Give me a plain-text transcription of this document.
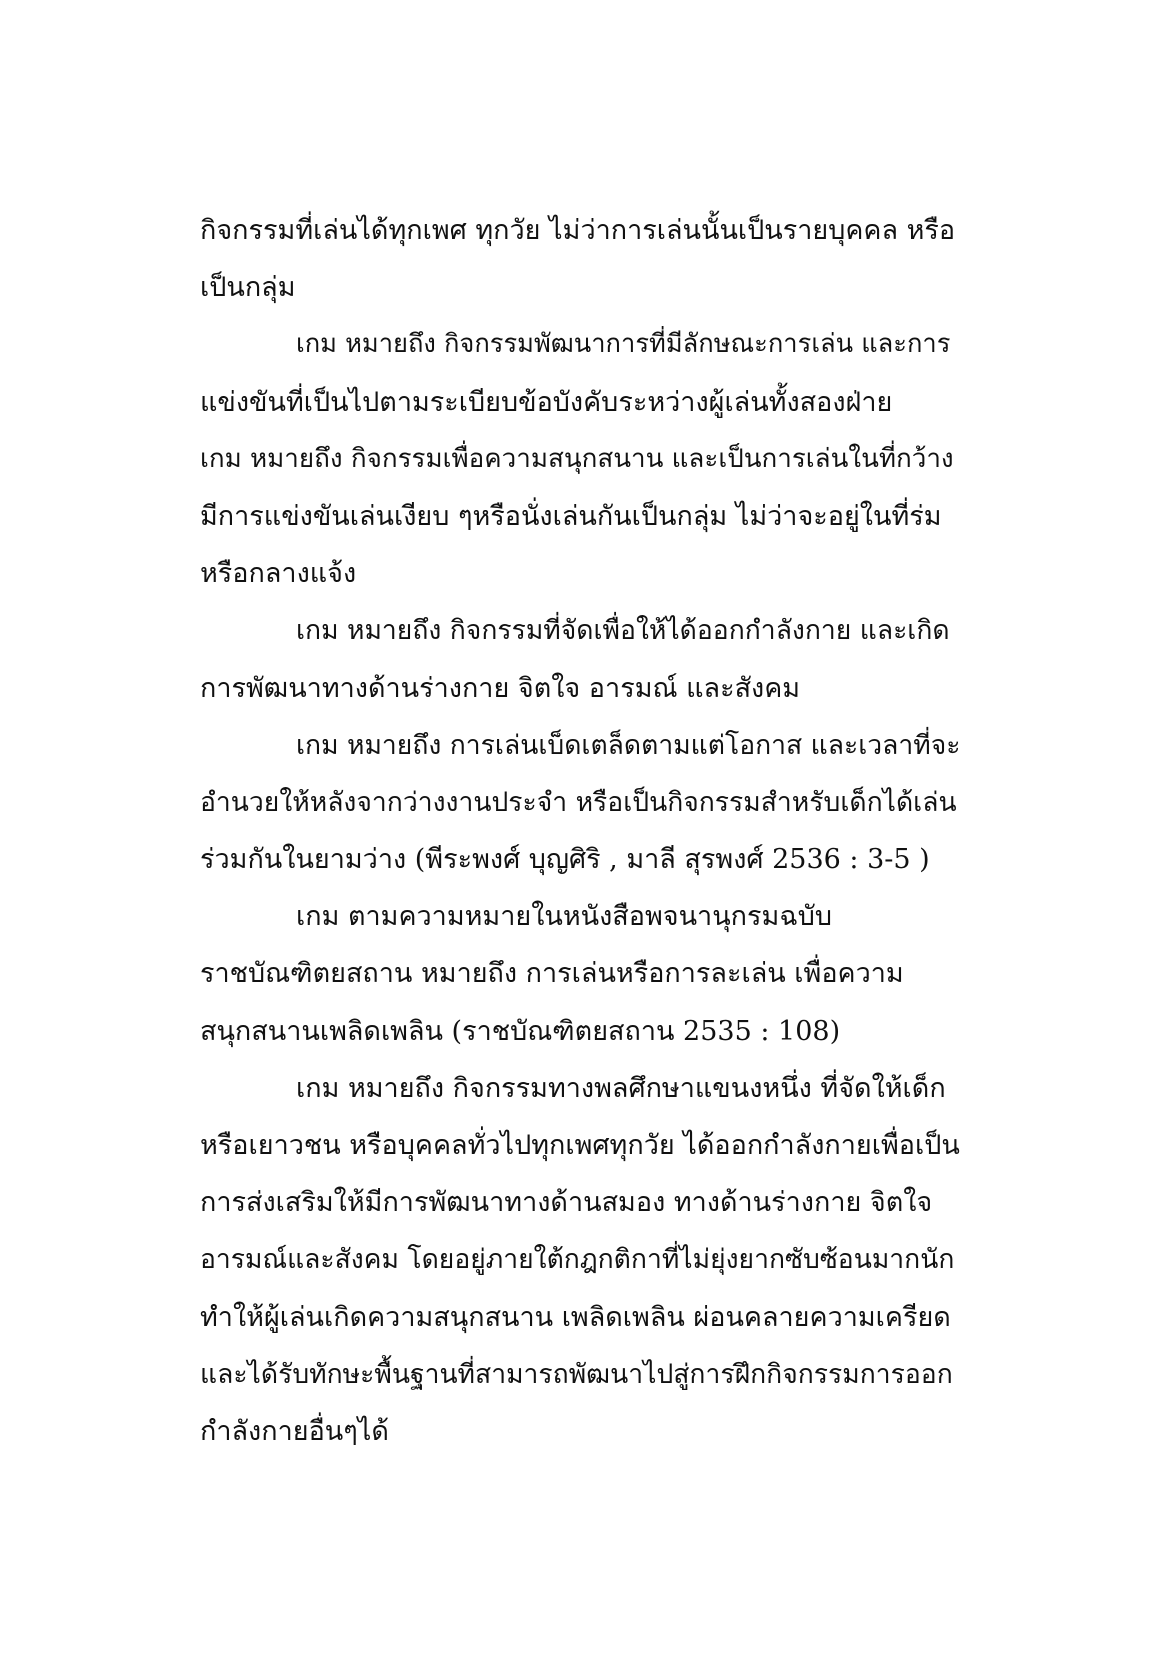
กิจกรรมที่เล่นได้ทุกเพศ ทุกวัย ไม่ว่าการเล่นนั้นเป็นรายบุคคล หรือ
เป็นกลุ่ม
เกม หมายถึง กิจกรรมพัฒนาการที่มีลักษณะการเล่น และการ
แข่งขันที่เป็นไปตามระเบียบข้อบังคับระหว่างผู้เล่นทั้งสองฝ่าย
เกม หมายถึง กิจกรรมเพื่อความสนุกสนาน และเป็นการเล่นในที่กว้าง
มีการแข่งขันเล่นเงียบ ๆหรือนั่งเล่นกันเป็นกลุ่ม ไม่ว่าจะอยู่ในที่ร่ม
หรือกลางแจ้ง
เกม หมายถึง กิจกรรมที่จัดเพื่อให้ได้ออกกำลังกาย และเกิด
การพัฒนาทางด้านร่างกาย จิตใจ อารมณ์ และสังคม
เกม หมายถึง การเล่นเบ็ดเตล็ดตามแต่โอกาส และเวลาที่จะ
อำนวยให้หลังจากว่างงานประจำ หรือเป็นกิจกรรมสำหรับเด็กได้เล่น
ร่วมกันในยามว่าง (พีระพงศ์ บุญศิริ , มาลี สุรพงศ์ 2536 : 3-5 )
เกม ตามความหมายในหนังสือพจนานุกรมฉบับ
ราชบัณฑิตยสถาน หมายถึง การเล่นหรือการละเล่น เพื่อความ
สนุกสนานเพลิดเพลิน (ราชบัณฑิตยสถาน 2535 : 108)
เกม หมายถึง กิจกรรมทางพลศึกษาแขนงหนึ่ง ที่จัดให้เด็ก
หรือเยาวชน หรือบุคคลทั่วไปทุกเพศทุกวัย ได้ออกกำลังกายเพื่อเป็น
การส่งเสริมให้มีการพัฒนาทางด้านสมอง ทางด้านร่างกาย จิตใจ
อารมณ์และสังคม โดยอยู่ภายใต้กฎกติกาที่ไม่ยุ่งยากซับซ้อนมากนัก
ทำให้ผู้เล่นเกิดความสนุกสนาน เพลิดเพลิน ผ่อนคลายความเครียด
และได้รับทักษะพื้นฐานที่สามารถพัฒนาไปสู่การฝึกกิจกรรมการออก
กำลังกายอื่นๆได้
